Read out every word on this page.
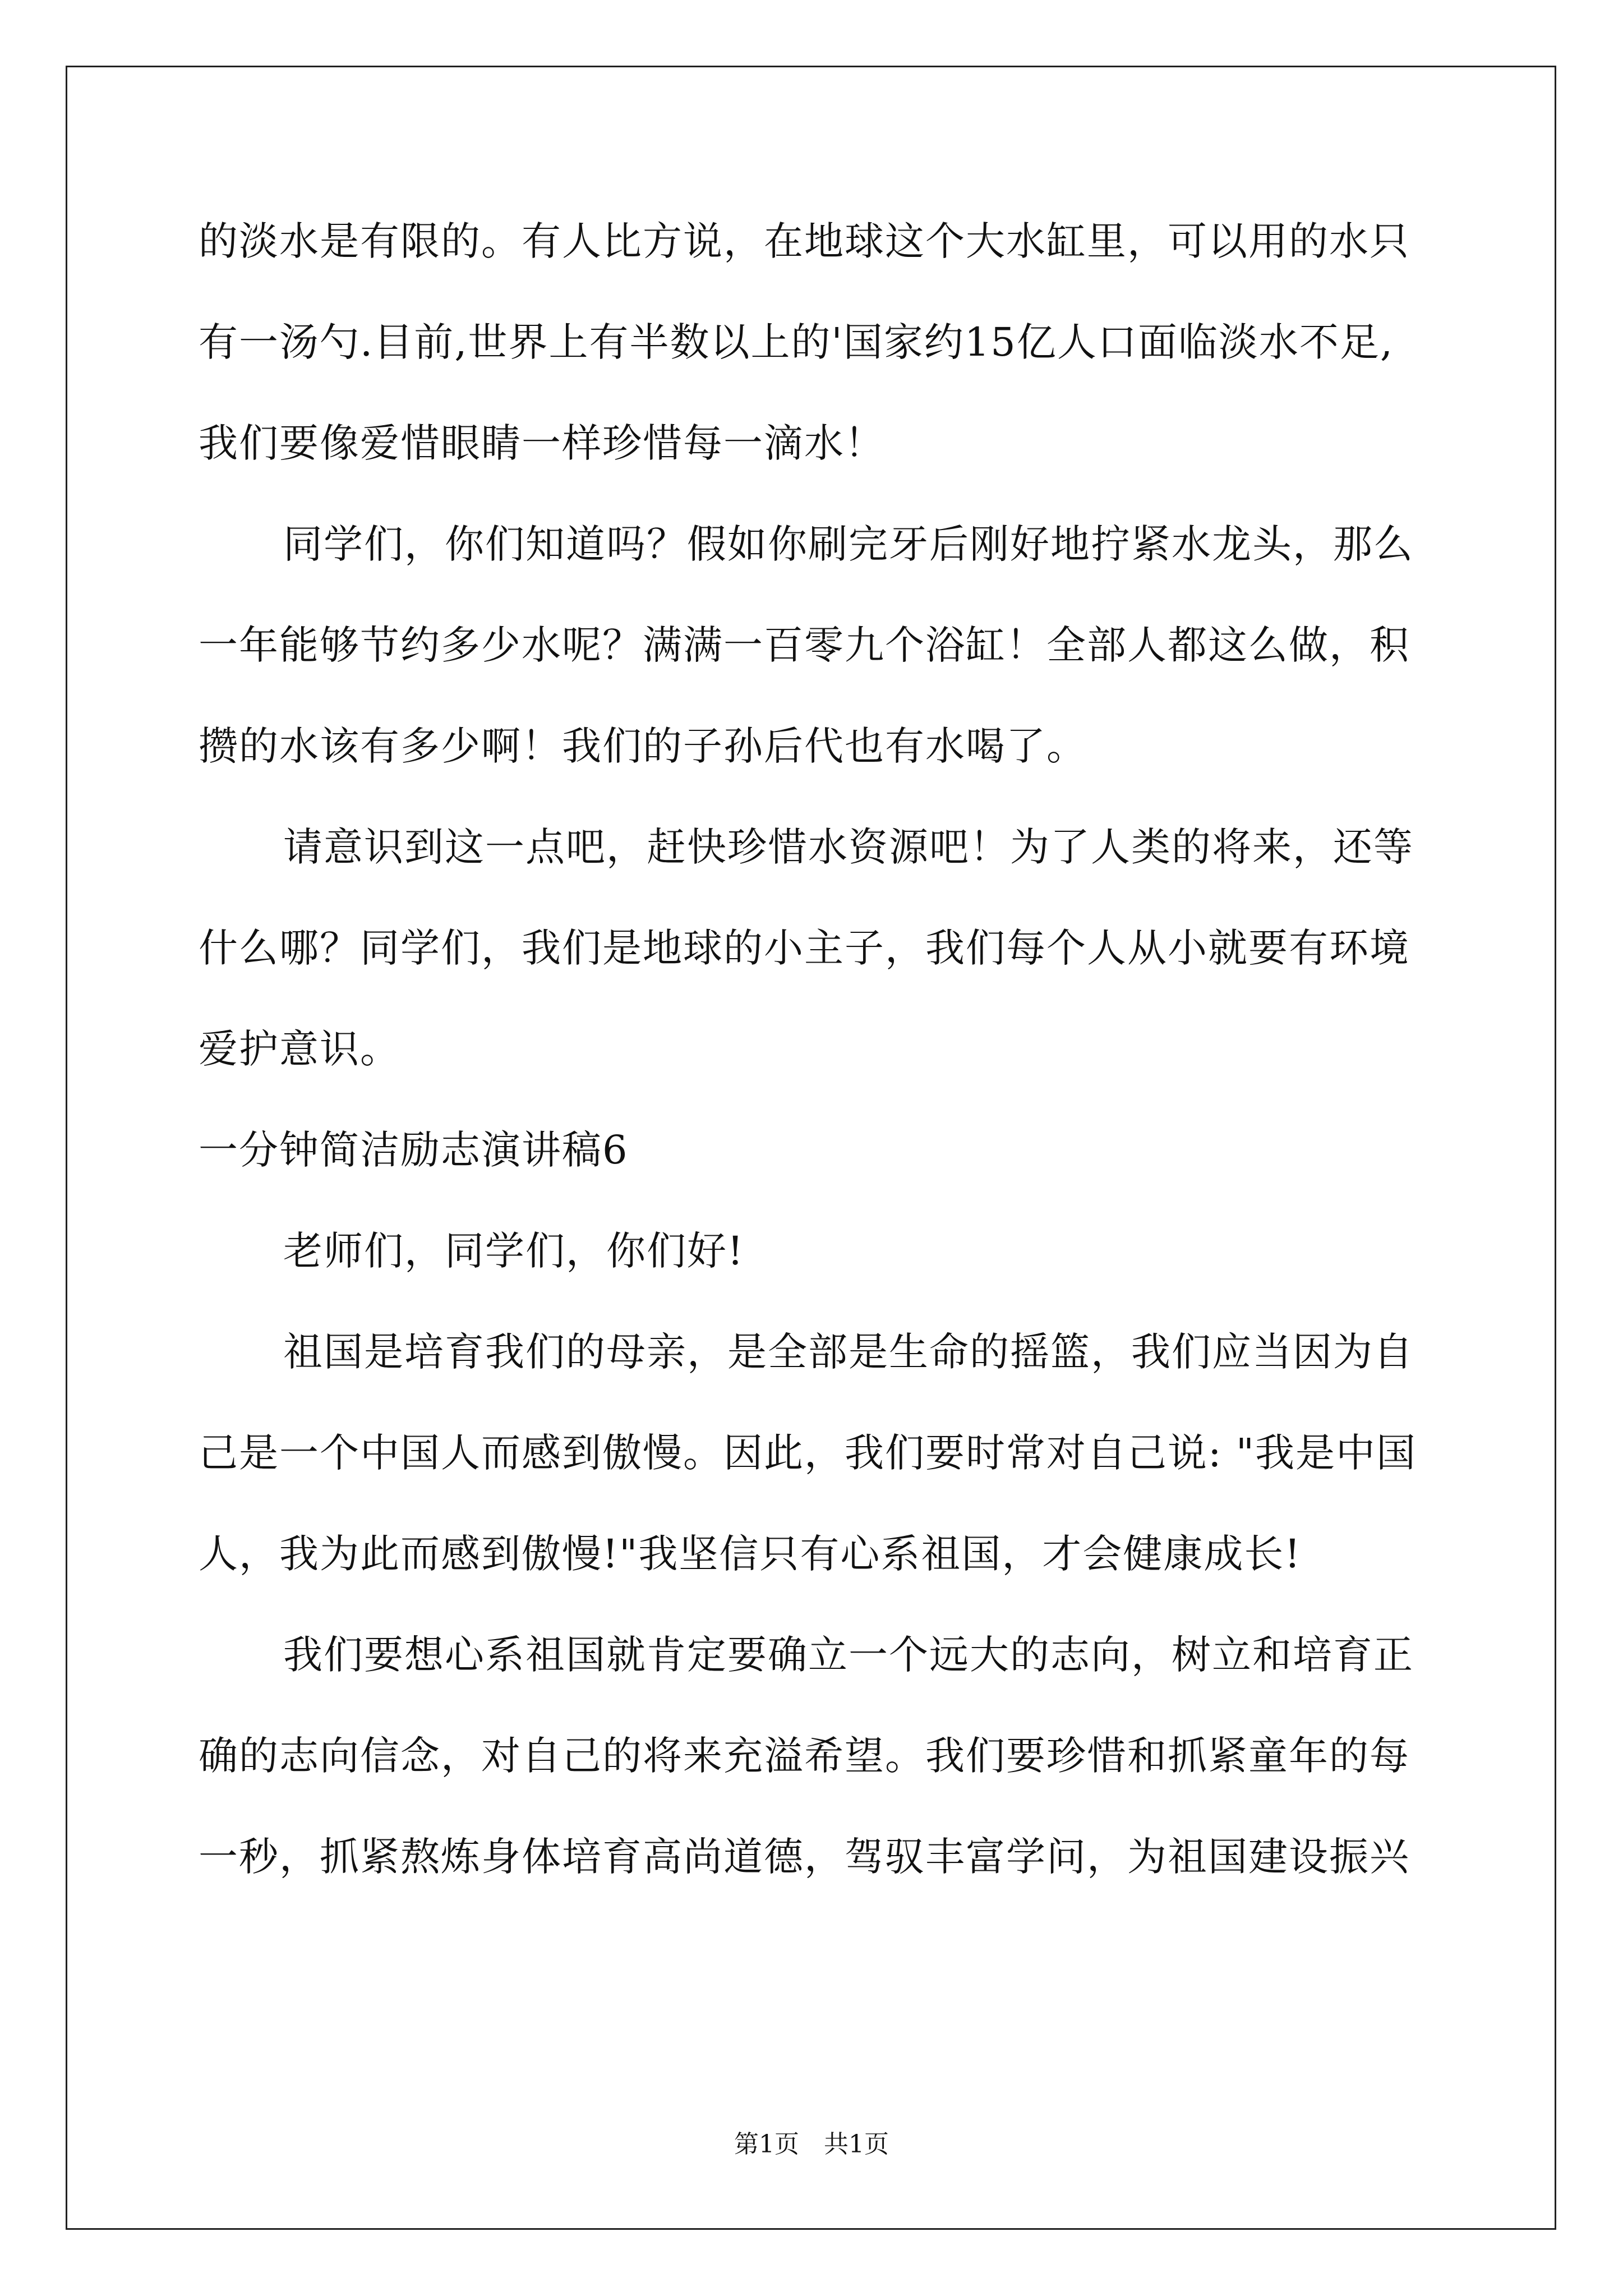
的淡水是有限的。有人比方说，在地球这个大水缸里，可以用的水只
有一汤勺.目前,世界上有半数以上的'国家约15亿人口面临淡水不足,
我们要像爱惜眼睛一样珍惜每一滴水！
同学们，你们知道吗？假如你刷完牙后刚好地拧紧水龙头，那么
一年能够节约多少水呢？满满一百零九个浴缸！全部人都这么做，积
攒的水该有多少啊！我们的子孙后代也有水喝了。
请意识到这一点吧，赶快珍惜水资源吧！为了人类的将来，还等
什么哪？同学们，我们是地球的小主子，我们每个人从小就要有环境
爱护意识。
一分钟简洁励志演讲稿6
老师们，同学们，你们好!
祖国是培育我们的母亲，是全部是生命的摇篮，我们应当因为自
己是一个中国人而感到傲慢。因此，我们要时常对自己说: "我是中国
人，我为此而感到傲慢!"我坚信只有心系祖国，才会健康成长!
我们要想心系祖国就肯定要确立一个远大的志向，树立和培育正
确的志向信念，对自己的将来充溢希望。我们要珍惜和抓紧童年的每
一秒，抓紧熬炼身体培育高尚道德，驾驭丰富学问，为祖国建设振兴
第1页　共1页
